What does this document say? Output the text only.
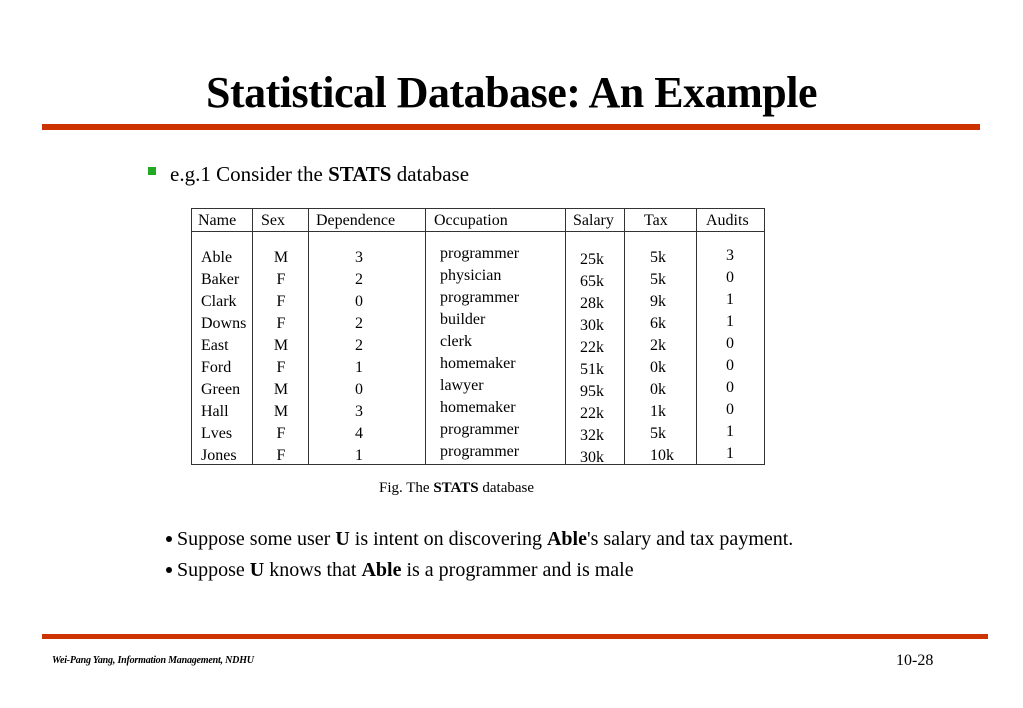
Statistical Database: An Example
e.g.1 Consider the STATS database
Name Sex Dependence Occupation	Salary Tax Audits
Able
Baker
Clark
Downs
East
Ford
Green
Hall
Lves
Jones
M
F
F
F
M
F
M
M
F
F
3
2
0
2
2
1
0
3
4
1
programmer
physician
programmer
builder
clerk
homemaker
lawyer
homemaker
programmer
programmer
25k
65k
28k
30k
22k
51k
95k
22k
32k
30k
5k
5k
9k
6k
2k
0k
0k
1k
5k
10k
3
0
1
1
0
0
0
0
1
1
Fig. The STATS database
Suppose some user U is intent on discovering Able's salary and tax payment.
Suppose U knows that Able is a programmer and is male
Wei-Pang Yang, Information Management, NDHU	10-28
